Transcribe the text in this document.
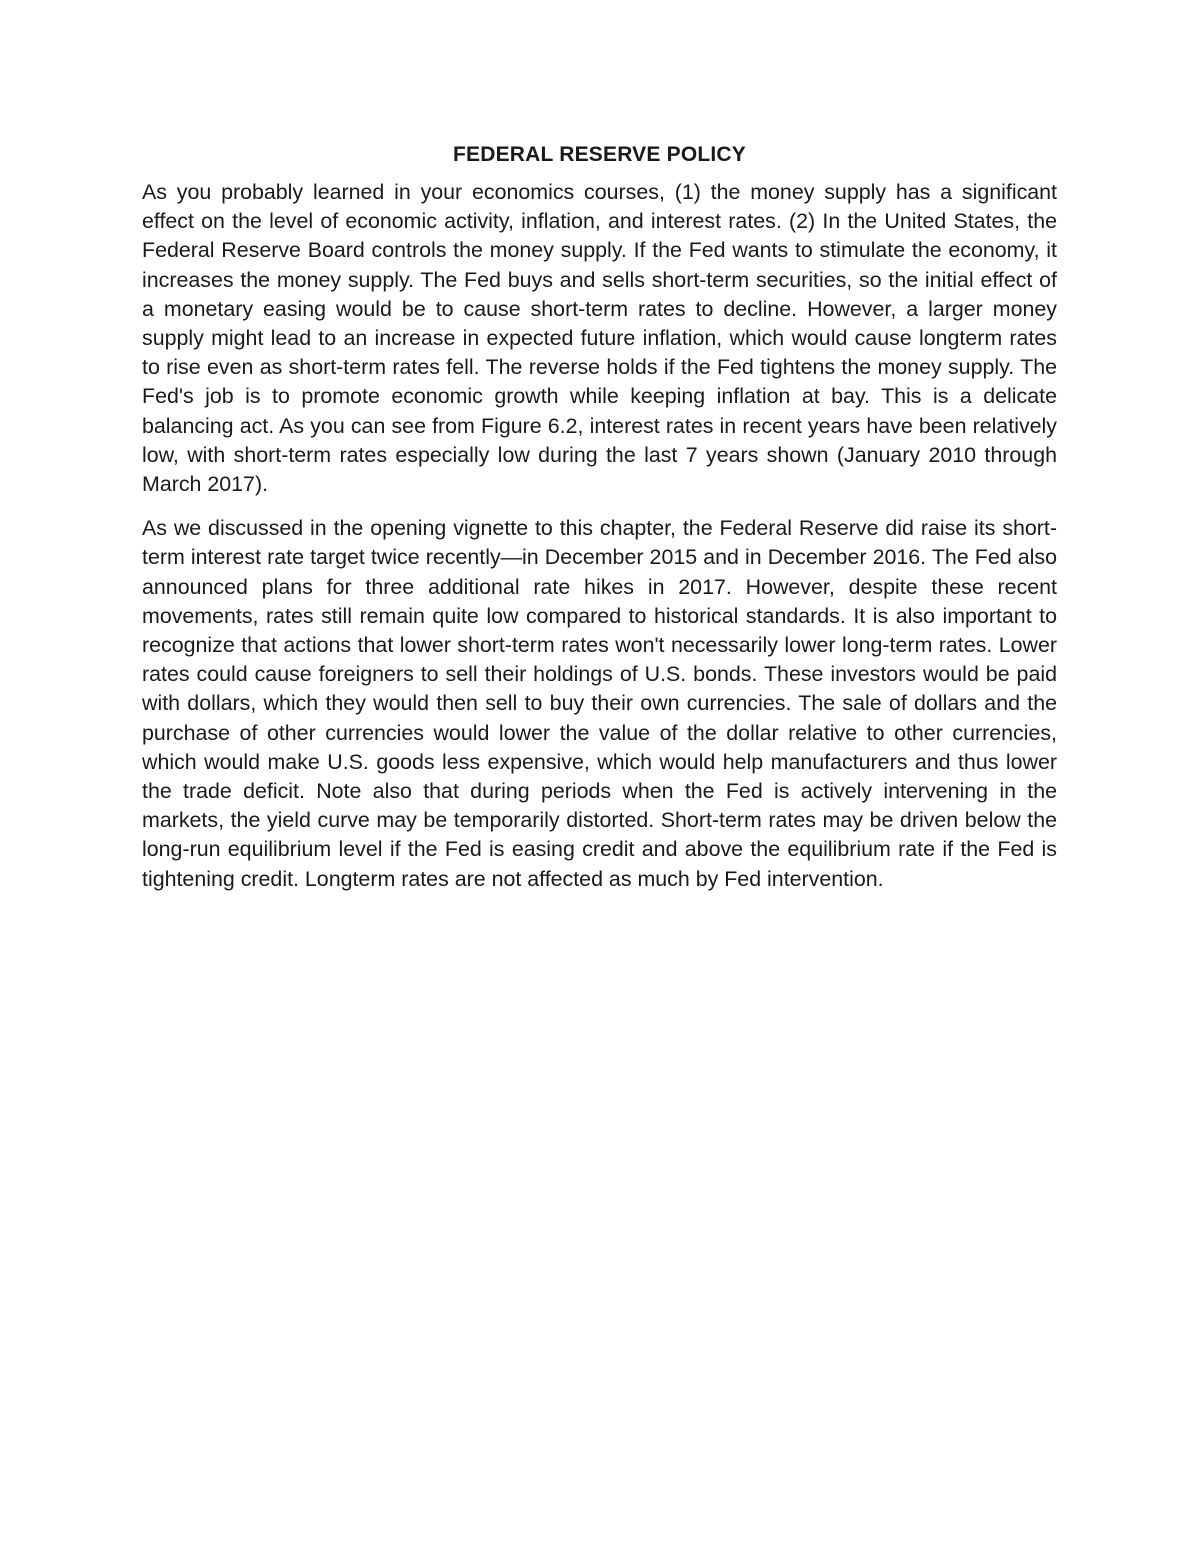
FEDERAL RESERVE POLICY

As you probably learned in your economics courses, (1) the money supply has a significant effect on the level of economic activity, inflation, and interest rates. (2) In the United States, the Federal Reserve Board controls the money supply. If the Fed wants to stimulate the economy, it increases the money supply. The Fed buys and sells short-term securities, so the initial effect of a monetary easing would be to cause short-term rates to decline. However, a larger money supply might lead to an increase in expected future inflation, which would cause longterm rates to rise even as short-term rates fell. The reverse holds if the Fed tightens the money supply. The Fed's job is to promote economic growth while keeping inflation at bay. This is a delicate balancing act. As you can see from Figure 6.2, interest rates in recent years have been relatively low, with short-term rates especially low during the last 7 years shown (January 2010 through March 2017).

As we discussed in the opening vignette to this chapter, the Federal Reserve did raise its short-term interest rate target twice recently—in December 2015 and in December 2016. The Fed also announced plans for three additional rate hikes in 2017. However, despite these recent movements, rates still remain quite low compared to historical standards. It is also important to recognize that actions that lower short-term rates won't necessarily lower long-term rates. Lower rates could cause foreigners to sell their holdings of U.S. bonds. These investors would be paid with dollars, which they would then sell to buy their own currencies. The sale of dollars and the purchase of other currencies would lower the value of the dollar relative to other currencies, which would make U.S. goods less expensive, which would help manufacturers and thus lower the trade deficit. Note also that during periods when the Fed is actively intervening in the markets, the yield curve may be temporarily distorted. Short-term rates may be driven below the long-run equilibrium level if the Fed is easing credit and above the equilibrium rate if the Fed is tightening credit. Longterm rates are not affected as much by Fed intervention.
